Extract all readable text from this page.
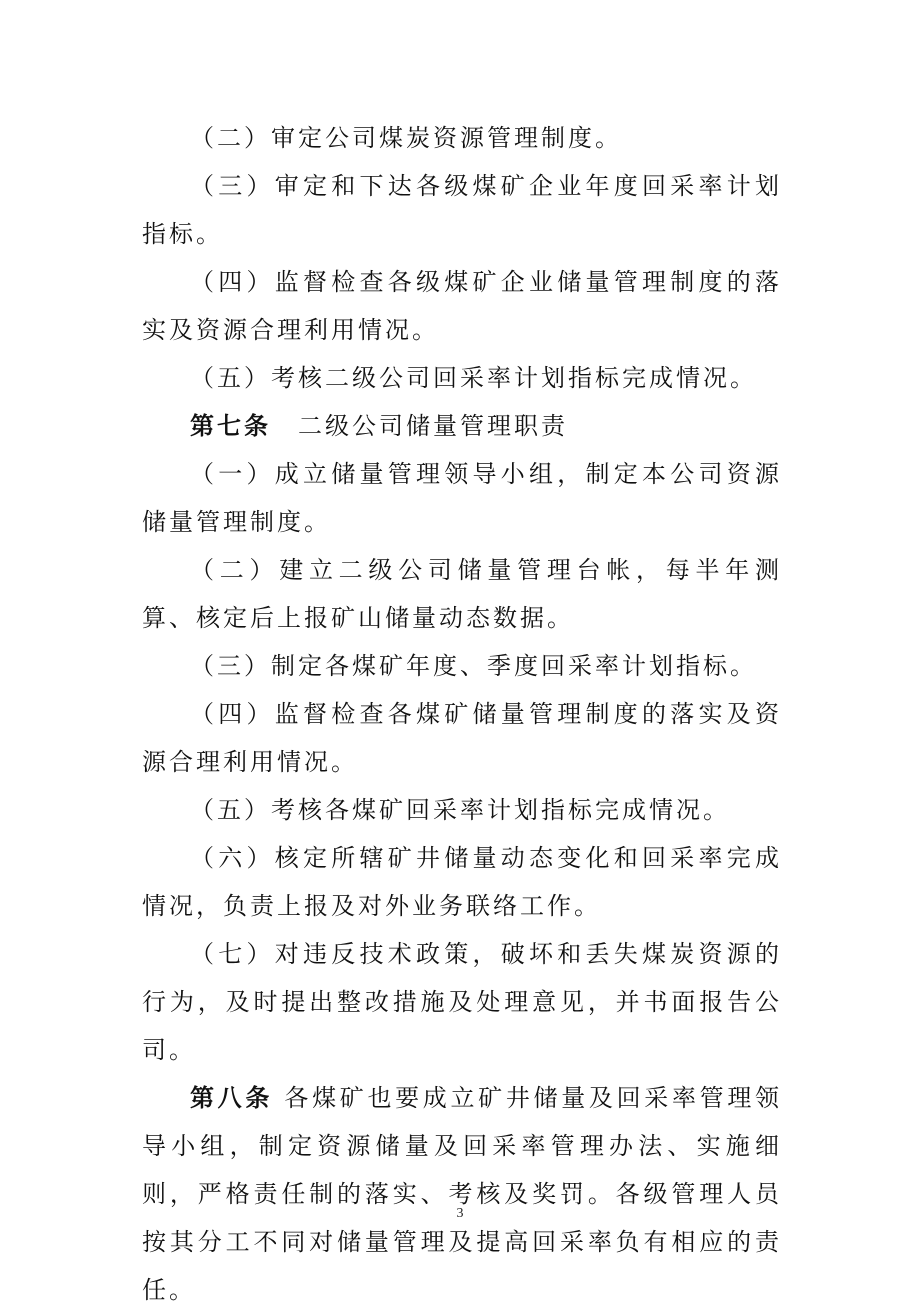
（二）审定公司煤炭资源管理制度。

（三）审定和下达各级煤矿企业年度回采率计划指标。

（四）监督检查各级煤矿企业储量管理制度的落实及资源合理利用情况。

（五）考核二级公司回采率计划指标完成情况。

第七条　二级公司储量管理职责

（一）成立储量管理领导小组，制定本公司资源储量管理制度。

（二）建立二级公司储量管理台帐，每半年测算、核定后上报矿山储量动态数据。

（三）制定各煤矿年度、季度回采率计划指标。

（四）监督检查各煤矿储量管理制度的落实及资源合理利用情况。

（五）考核各煤矿回采率计划指标完成情况。

（六）核定所辖矿井储量动态变化和回采率完成情况，负责上报及对外业务联络工作。

（七）对违反技术政策，破坏和丢失煤炭资源的行为，及时提出整改措施及处理意见，并书面报告公司。

第八条 各煤矿也要成立矿井储量及回采率管理领导小组，制定资源储量及回采率管理办法、实施细则，严格责任制的落实、考核及奖罚。各级管理人员按其分工不同对储量管理及提高回采率负有相应的责任。

3
